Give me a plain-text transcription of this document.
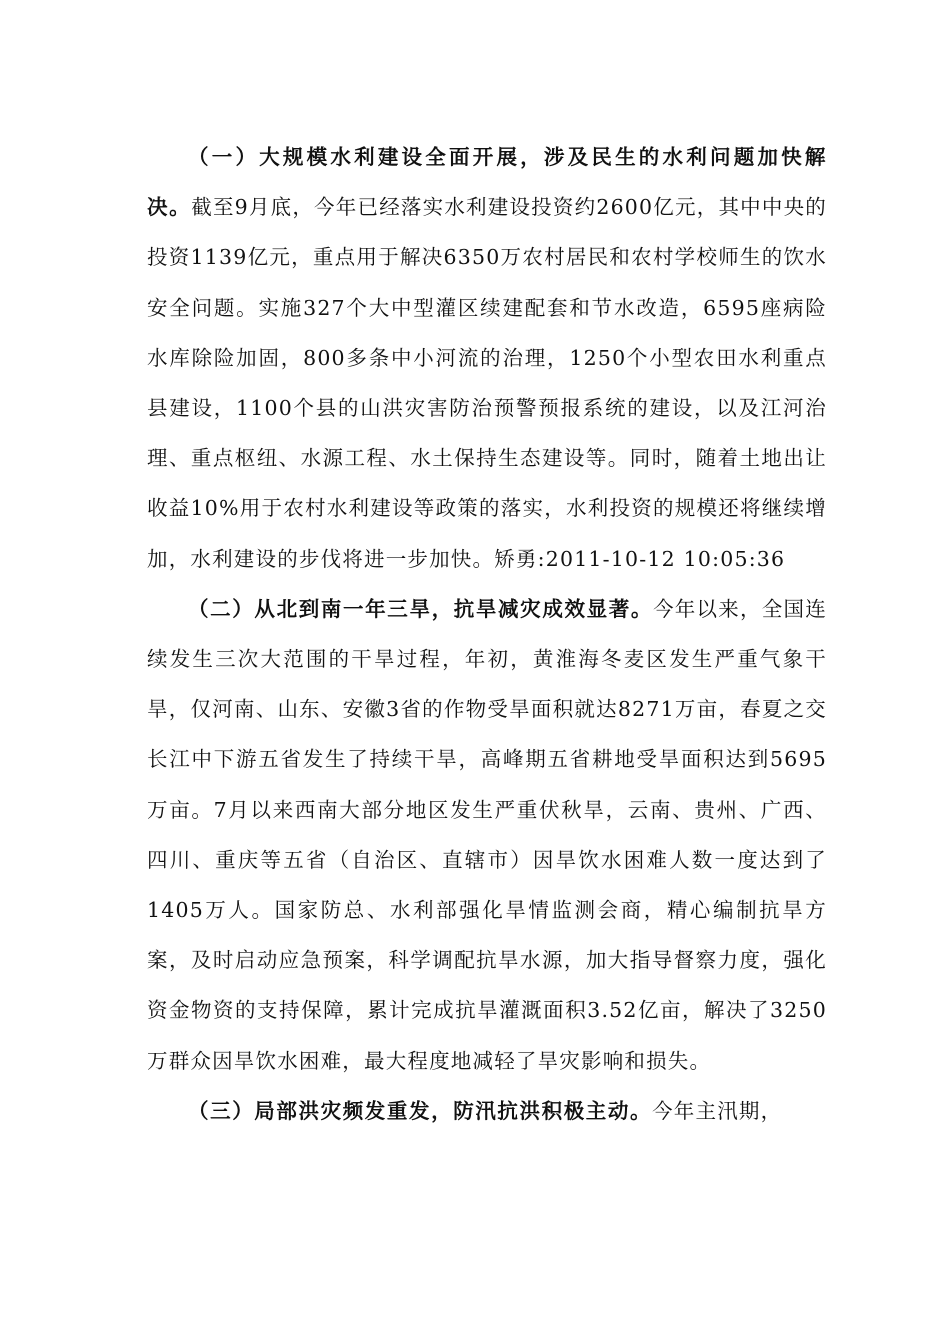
（一）大规模水利建设全面开展，涉及民生的水利问题加快解决。截至9月底，今年已经落实水利建设投资约2600亿元，其中中央的投资1139亿元，重点用于解决6350万农村居民和农村学校师生的饮水安全问题。实施327个大中型灌区续建配套和节水改造，6595座病险水库除险加固，800多条中小河流的治理，1250个小型农田水利重点县建设，1100个县的山洪灾害防治预警预报系统的建设，以及江河治理、重点枢纽、水源工程、水土保持生态建设等。同时，随着土地出让收益10%用于农村水利建设等政策的落实，水利投资的规模还将继续增加，水利建设的步伐将进一步加快。矫勇:2011-10-12 10:05:36

（二）从北到南一年三旱，抗旱减灾成效显著。今年以来，全国连续发生三次大范围的干旱过程，年初，黄淮海冬麦区发生严重气象干旱，仅河南、山东、安徽3省的作物受旱面积就达8271万亩，春夏之交长江中下游五省发生了持续干旱，高峰期五省耕地受旱面积达到5695万亩。7月以来西南大部分地区发生严重伏秋旱，云南、贵州、广西、四川、重庆等五省（自治区、直辖市）因旱饮水困难人数一度达到了1405万人。国家防总、水利部强化旱情监测会商，精心编制抗旱方案，及时启动应急预案，科学调配抗旱水源，加大指导督察力度，强化资金物资的支持保障，累计完成抗旱灌溉面积3.52亿亩，解决了3250万群众因旱饮水困难，最大程度地减轻了旱灾影响和损失。

（三）局部洪灾频发重发，防汛抗洪积极主动。今年主汛期，
